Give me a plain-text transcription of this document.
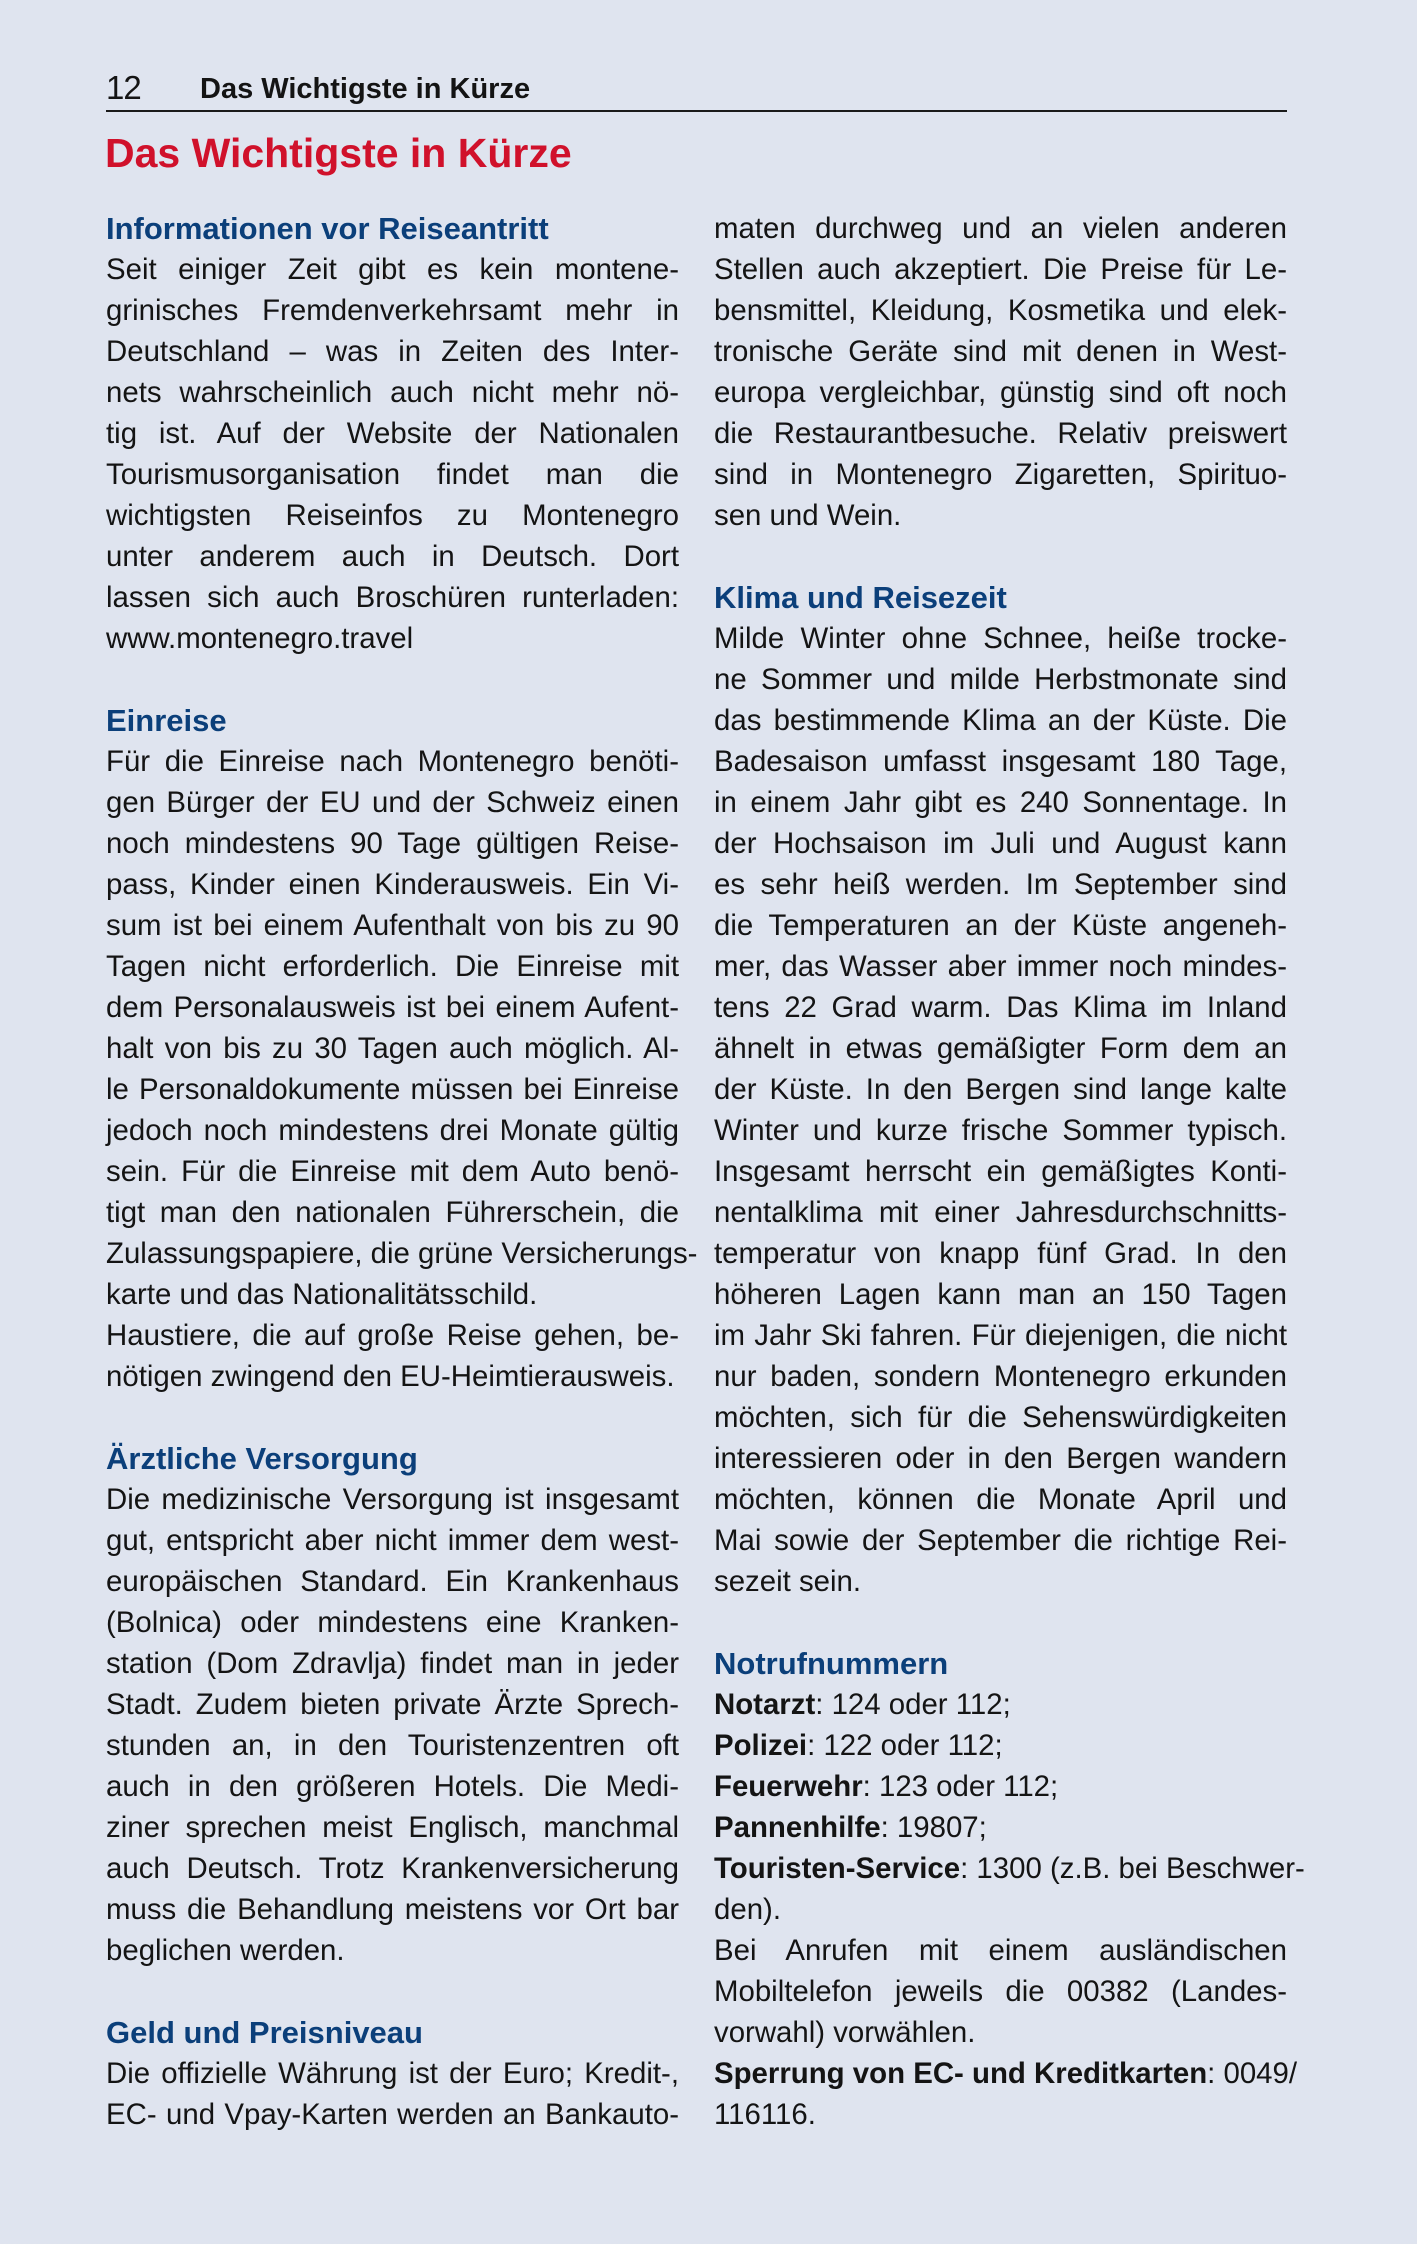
12 Das Wichtigste in Kürze
Das Wichtigste in Kürze
Informationen vor Reiseantritt
Seit einiger Zeit gibt es kein montene-
grinisches Fremdenverkehrsamt mehr in
Deutschland – was in Zeiten des Inter-
nets wahrscheinlich auch nicht mehr nö-
tig ist. Auf der Website der Nationalen
Tourismusorganisation findet man die
wichtigsten Reiseinfos zu Montenegro
unter anderem auch in Deutsch. Dort
lassen sich auch Broschüren runterladen:
www.montenegro.travel
Einreise
Für die Einreise nach Montenegro benöti-
gen Bürger der EU und der Schweiz einen
noch mindestens 90 Tage gültigen Reise-
pass, Kinder einen Kinderausweis. Ein Vi-
sum ist bei einem Aufenthalt von bis zu 90
Tagen nicht erforderlich. Die Einreise mit
dem Personalausweis ist bei einem Aufent-
halt von bis zu 30 Tagen auch möglich. Al-
le Personaldokumente müssen bei Einreise
jedoch noch mindestens drei Monate gültig
sein. Für die Einreise mit dem Auto benö-
tigt man den nationalen Führerschein, die
Zulassungspapiere, die grüne Versicherungs-
karte und das Nationalitätsschild.
Haustiere, die auf große Reise gehen, be-
nötigen zwingend den EU-Heimtierausweis.
Ärztliche Versorgung
Die medizinische Versorgung ist insgesamt
gut, entspricht aber nicht immer dem west-
europäischen Standard. Ein Krankenhaus
(Bolnica) oder mindestens eine Kranken-
station (Dom Zdravlja) findet man in jeder
Stadt. Zudem bieten private Ärzte Sprech-
stunden an, in den Touristenzentren oft
auch in den größeren Hotels. Die Medi-
ziner sprechen meist Englisch, manchmal
auch Deutsch. Trotz Krankenversicherung
muss die Behandlung meistens vor Ort bar
beglichen werden.
Geld und Preisniveau
Die offizielle Währung ist der Euro; Kredit-,
EC- und Vpay-Karten werden an Bankauto-
maten durchweg und an vielen anderen
Stellen auch akzeptiert. Die Preise für Le-
bensmittel, Kleidung, Kosmetika und elek-
tronische Geräte sind mit denen in West-
europa vergleichbar, günstig sind oft noch
die Restaurantbesuche. Relativ preiswert
sind in Montenegro Zigaretten, Spirituo-
sen und Wein.
Klima und Reisezeit
Milde Winter ohne Schnee, heiße trocke-
ne Sommer und milde Herbstmonate sind
das bestimmende Klima an der Küste. Die
Badesaison umfasst insgesamt 180 Tage,
in einem Jahr gibt es 240 Sonnentage. In
der Hochsaison im Juli und August kann
es sehr heiß werden. Im September sind
die Temperaturen an der Küste angeneh-
mer, das Wasser aber immer noch mindes-
tens 22 Grad warm. Das Klima im Inland
ähnelt in etwas gemäßigter Form dem an
der Küste. In den Bergen sind lange kalte
Winter und kurze frische Sommer typisch.
Insgesamt herrscht ein gemäßigtes Konti-
nentalklima mit einer Jahresdurchschnitts-
temperatur von knapp fünf Grad. In den
höheren Lagen kann man an 150 Tagen
im Jahr Ski fahren. Für diejenigen, die nicht
nur baden, sondern Montenegro erkunden
möchten, sich für die Sehenswürdigkeiten
interessieren oder in den Bergen wandern
möchten, können die Monate April und
Mai sowie der September die richtige Rei-
sezeit sein.
Notrufnummern
Notarzt: 124 oder 112;
Polizei: 122 oder 112;
Feuerwehr: 123 oder 112;
Pannenhilfe: 19807;
Touristen-Service: 1300 (z.B. bei Beschwer-
den).
Bei Anrufen mit einem ausländischen
Mobiltelefon jeweils die 00382 (Landes-
vorwahl) vorwählen.
Sperrung von EC- und Kreditkarten: 0049/
116116.
